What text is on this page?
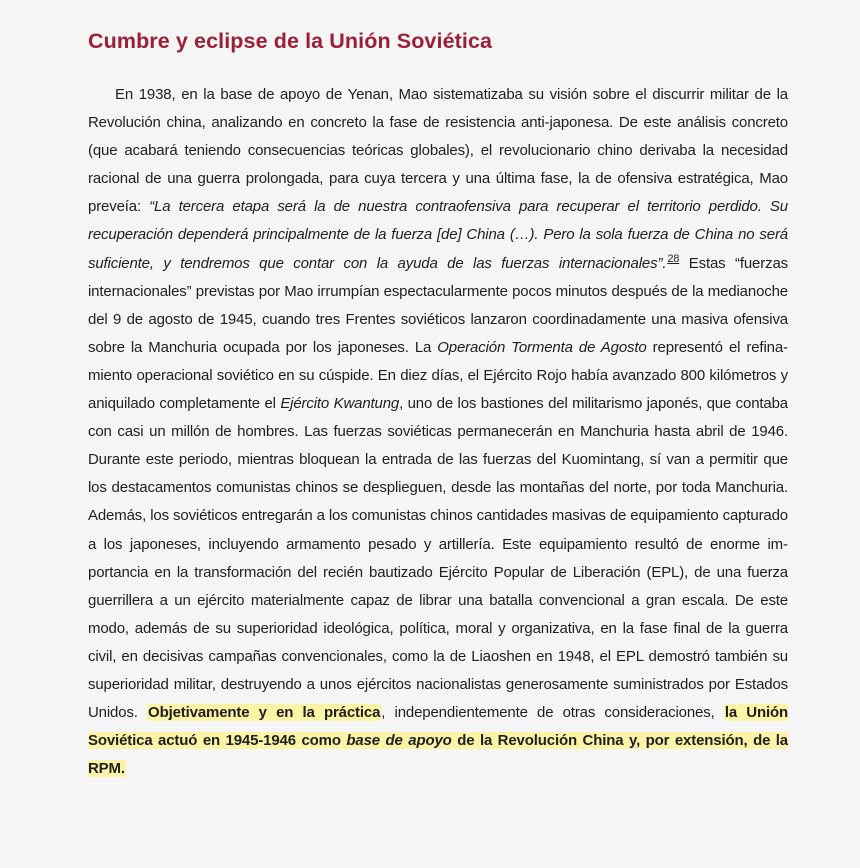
Cumbre y eclipse de la Unión Soviética

En 1938, en la base de apoyo de Yenan, Mao sistematizaba su visión sobre el discurrir militar de la Revolución china, analizando en concreto la fase de resistencia anti-japonesa. De este análisis concreto (que acabará teniendo consecuencias teóricas globales), el revolucionario chino derivaba la necesidad racional de una guerra prolongada, para cuya tercera y una última fase, la de ofensiva estratégica, Mao preveía: “La tercera etapa será la de nuestra contraofensiva para recuperar el territorio perdido. Su recuperación dependerá principalmente de la fuerza [de] China (…). Pero la sola fuerza de China no será suficiente, y tendremos que contar con la ayuda de las fuerzas internacionales”.$^{28}$ Estas “fuerzas internacionales” previstas por Mao irrumpían espectacularmente pocos minutos después de la medianoche del 9 de agosto de 1945, cuando tres Frentes soviéticos lanzaron coordinadamente una masiva ofensiva sobre la Manchuria ocupada por los japoneses. La Operación Tormenta de Agosto representó el refinamiento operacional soviético en su cúspide. En diez días, el Ejército Rojo había avanzado 800 kilómetros y aniquilado completamente el Ejército Kwantung, uno de los bastiones del militarismo japonés, que contaba con casi un millón de hombres. Las fuerzas soviéticas permanecerán en Manchuria hasta abril de 1946. Durante este periodo, mientras bloquean la entrada de las fuerzas del Kuomintang, sí van a permitir que los destacamentos comunistas chinos se desplieguen, desde las montañas del norte, por toda Manchuria. Además, los soviéticos entregarán a los comunistas chinos cantidades masivas de equipamiento capturado a los japoneses, incluyendo armamento pesado y artillería. Este equipamiento resultó de enorme importancia en la transformación del recién bautizado Ejército Popular de Liberación (EPL), de una fuerza guerrillera a un ejército materialmente capaz de librar una batalla convencional a gran escala. De este modo, además de su superioridad ideológica, política, moral y organizativa, en la fase final de la guerra civil, en decisivas campañas convencionales, como la de Liaoshen en 1948, el EPL demostró también su superioridad militar, destruyendo a unos ejércitos nacionalistas generosamente suministrados por Estados Unidos. Objetivamente y en la práctica, independientemente de otras consideraciones, la Unión Soviética actuó en 1945-1946 como base de apoyo de la Revolución China y, por extensión, de la RPM.
